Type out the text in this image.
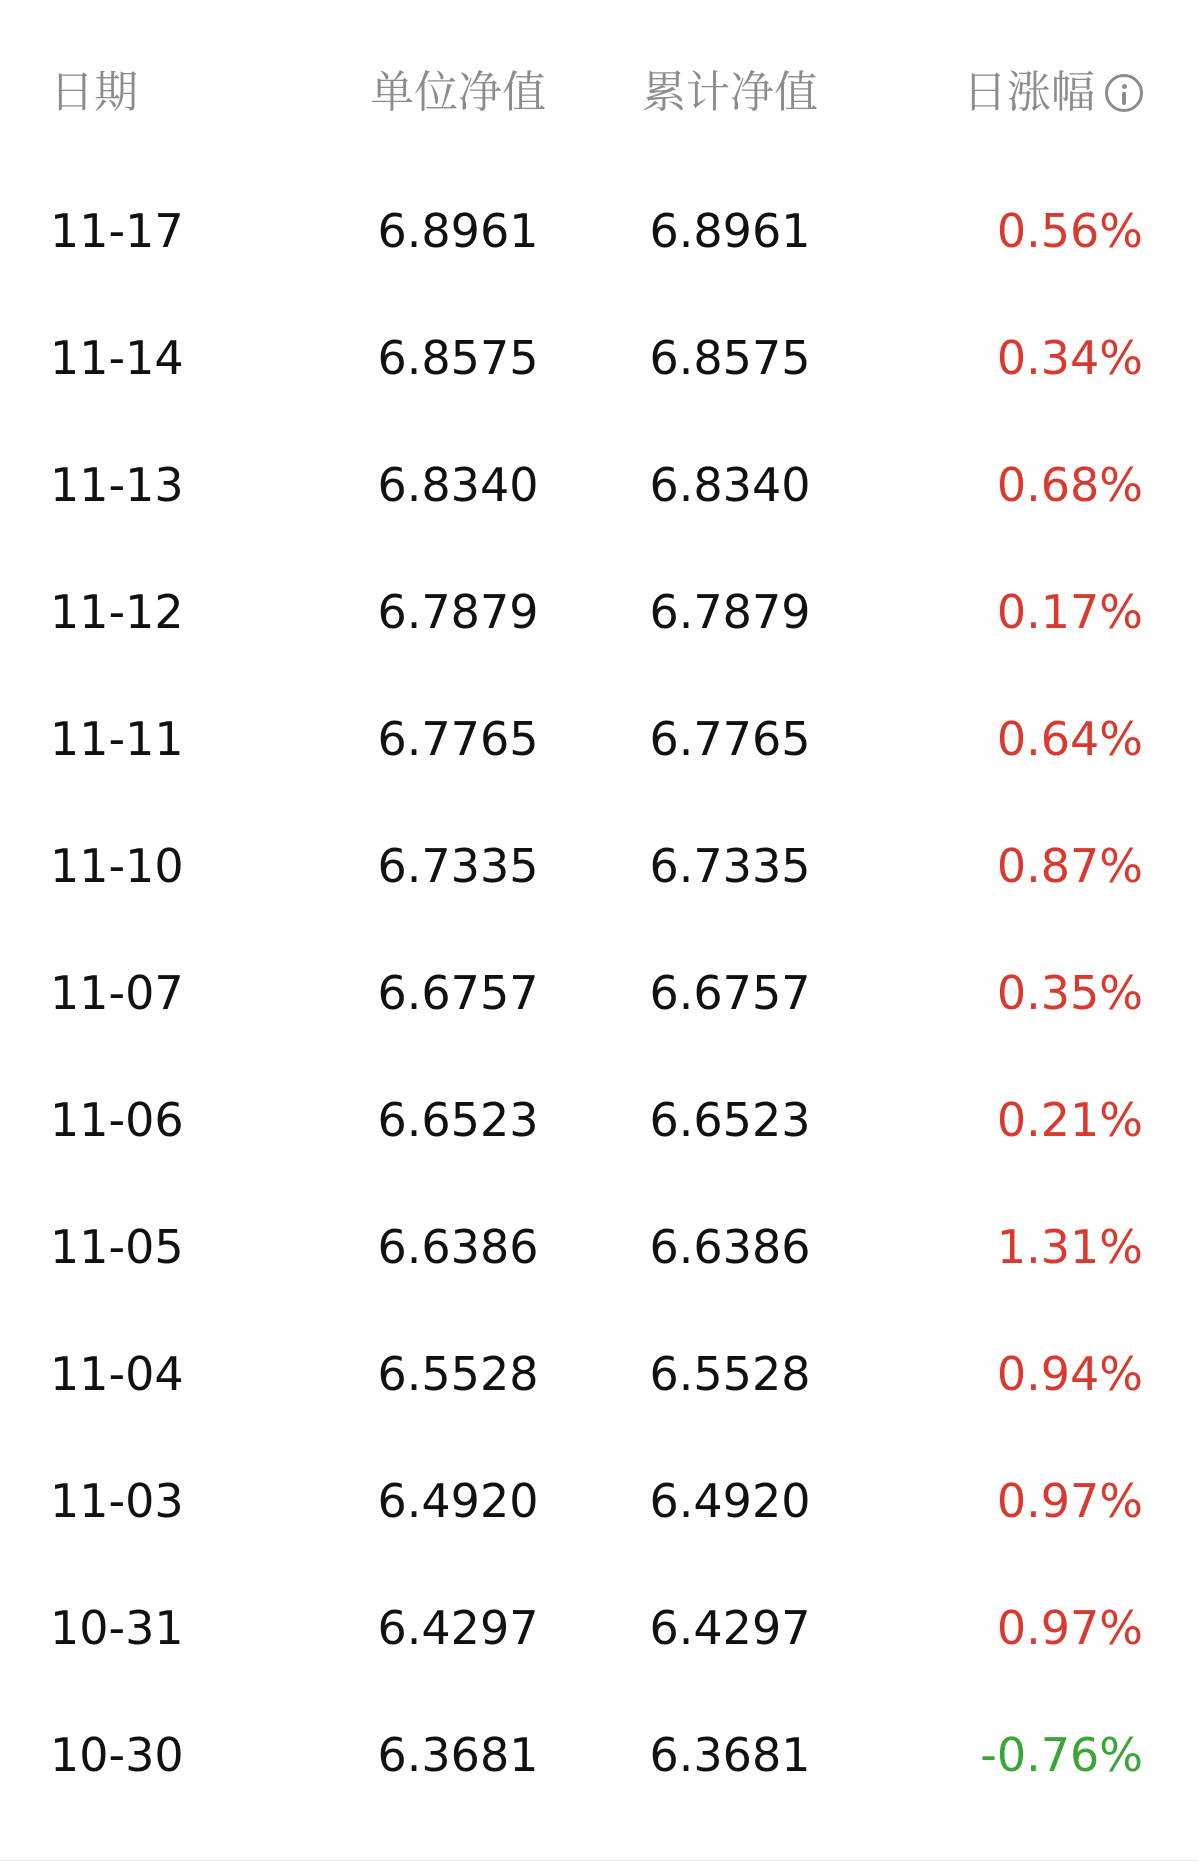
日期	单位净值 累计净值	日涨幅
11-17	6.8961 6.8961	0.56%
11-14	6.8575 6.8575	0.34%
11-13	6.8340 6.8340	0.68%
11-12	6.7879 6.7879	0.17%
11-11	6.7765 6.7765	0.64%
11-10	6.7335 6.7335	0.87%
11-07	6.6757 6.6757	0.35%
11-06	6.6523 6.6523	0.21%
11-05	6.6386 6.6386	1.31%
11-04	6.5528 6.5528	0.94%
11-03	6.4920 6.4920	0.97%
10-31	6.4297 6.4297	0.97%
10-30	6.3681 6.3681	-0.76%
